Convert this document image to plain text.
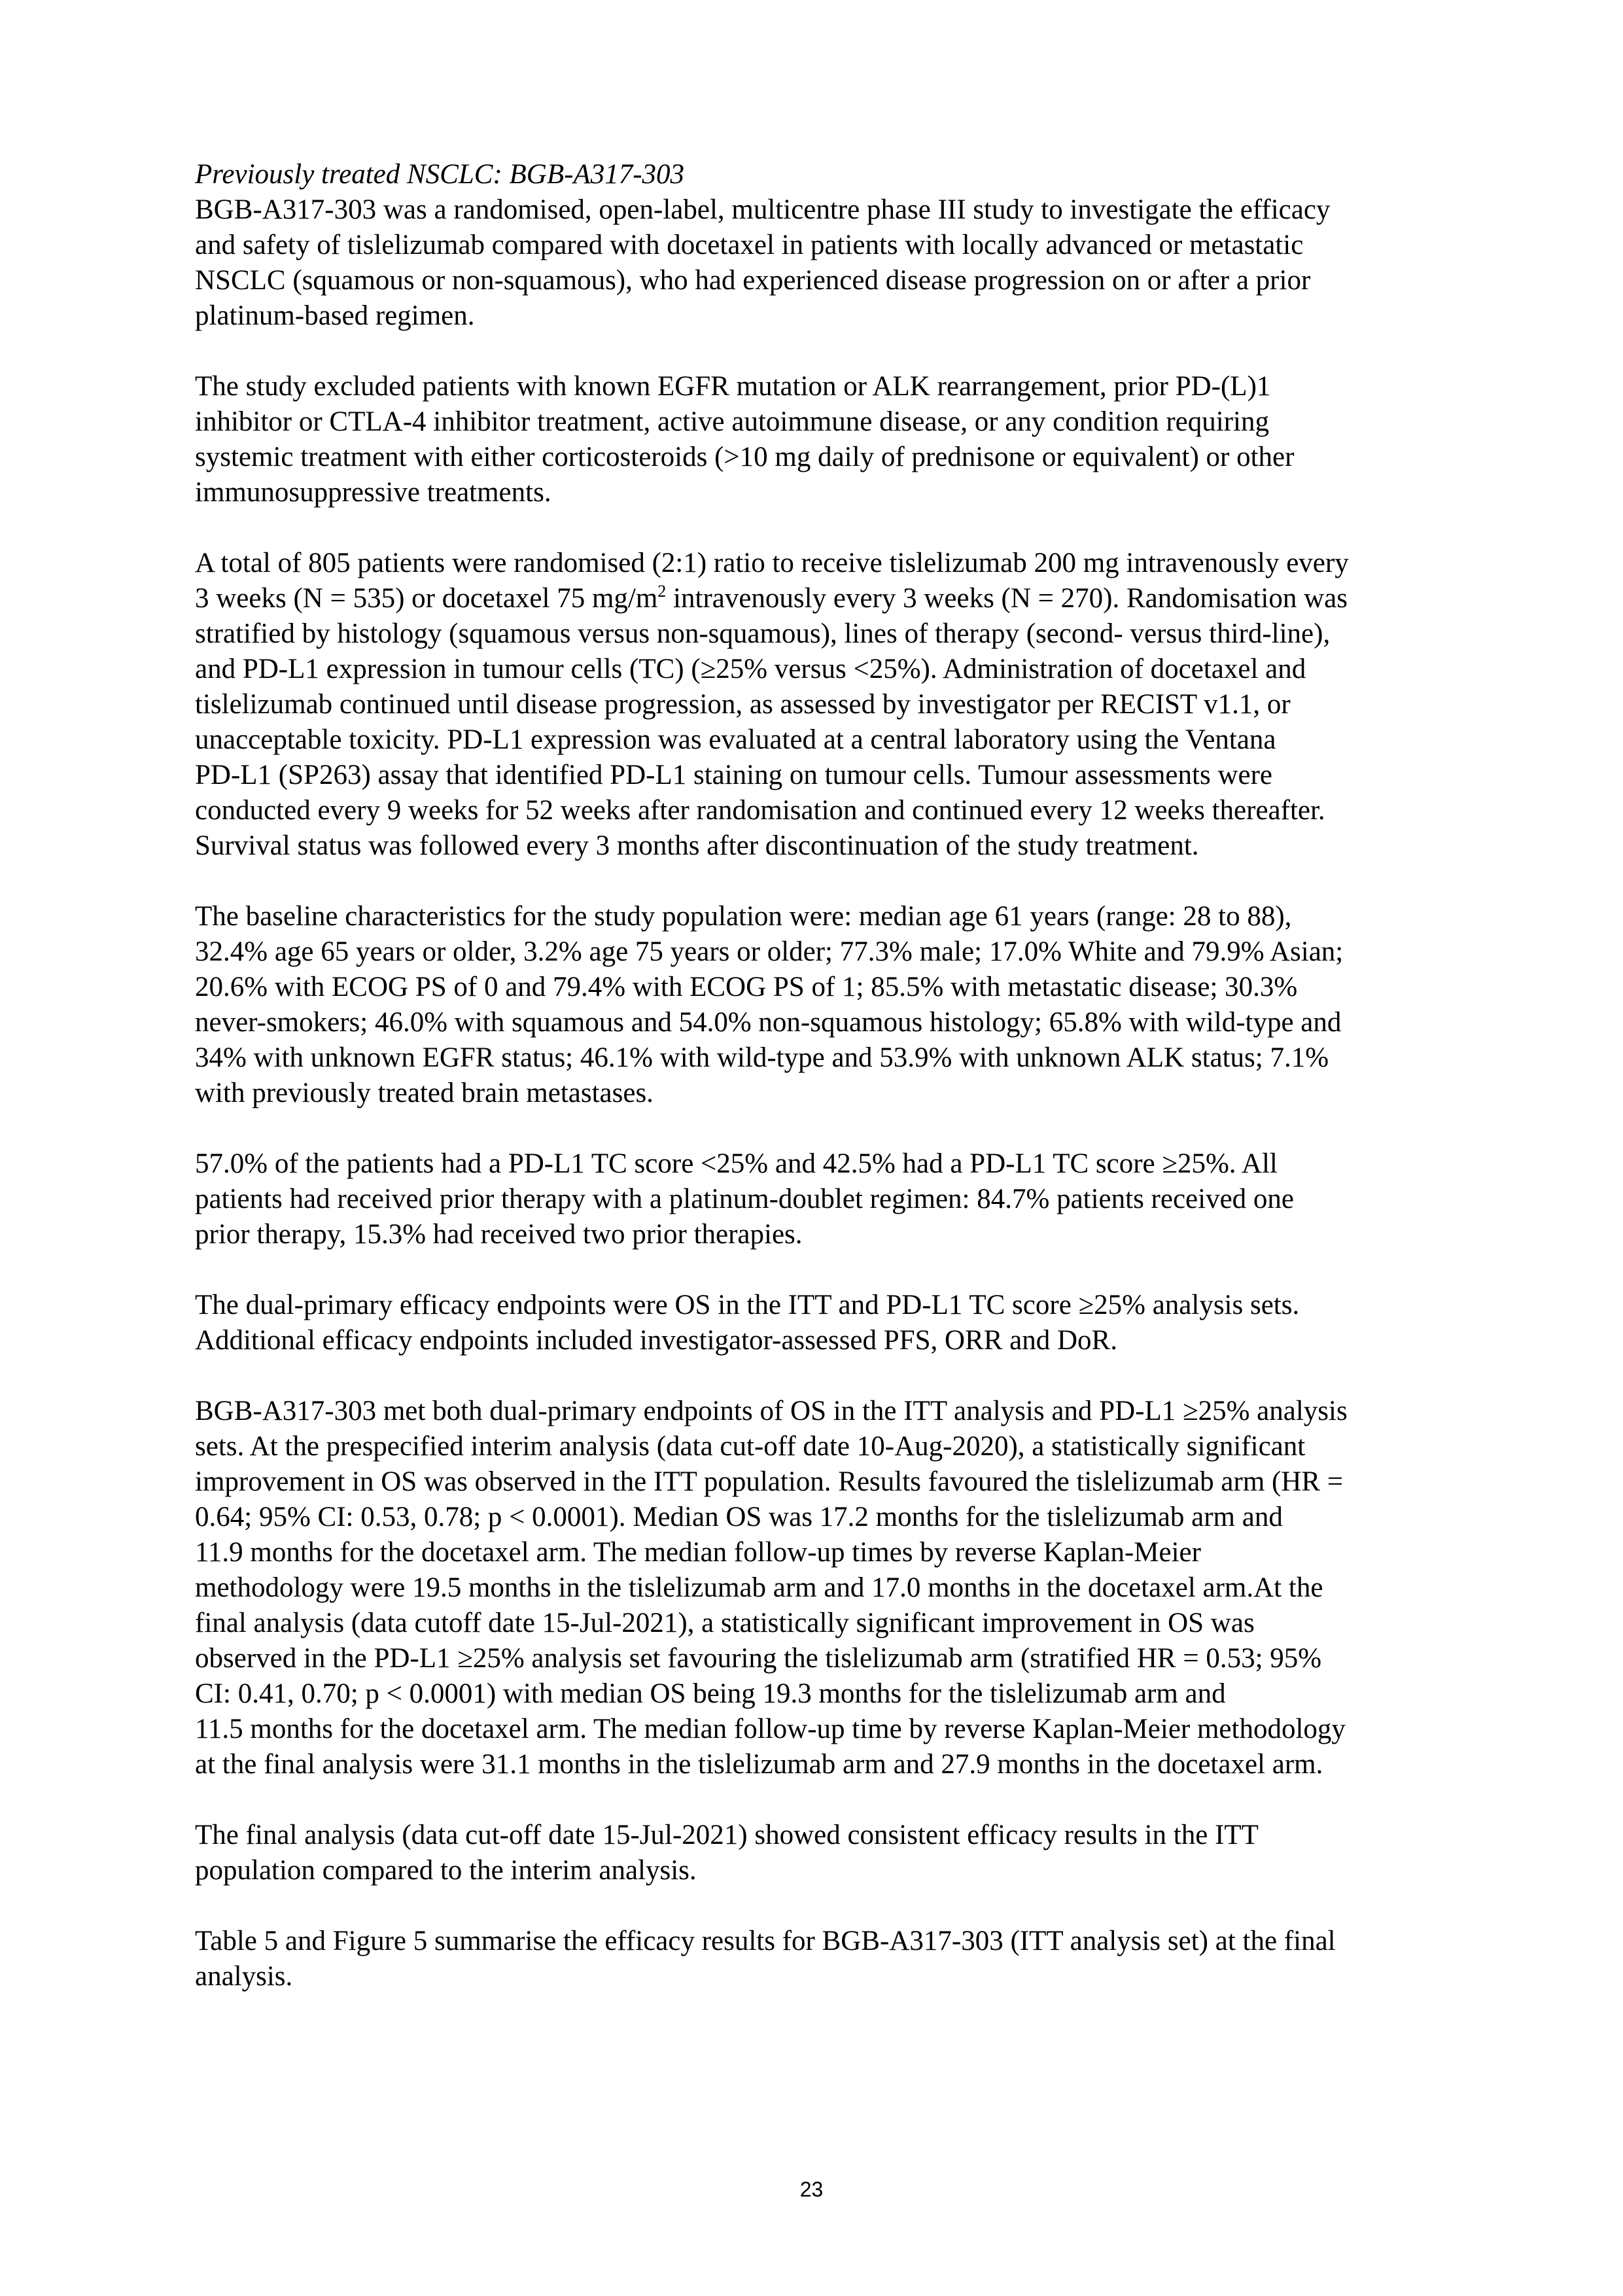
Previously treated NSCLC: BGB-A317-303

BGB-A317-303 was a randomised, open-label, multicentre phase III study to investigate the efficacy
and safety of tislelizumab compared with docetaxel in patients with locally advanced or metastatic
NSCLC (squamous or non-squamous), who had experienced disease progression on or after a prior
platinum-based regimen.

The study excluded patients with known EGFR mutation or ALK rearrangement, prior PD-(L)1
inhibitor or CTLA-4 inhibitor treatment, active autoimmune disease, or any condition requiring
systemic treatment with either corticosteroids (>10 mg daily of prednisone or equivalent) or other
immunosuppressive treatments.

A total of 805 patients were randomised (2:1) ratio to receive tislelizumab 200 mg intravenously every
3 weeks (N = 535) or docetaxel 75 $mg/m^2$ intravenously every 3 weeks (N = 270). Randomisation was
stratified by histology (squamous versus non-squamous), lines of therapy (second- versus third-line),
and PD-L1 expression in tumour cells (TC) (≥25% versus <25%). Administration of docetaxel and
tislelizumab continued until disease progression, as assessed by investigator per RECIST v1.1, or
unacceptable toxicity. PD-L1 expression was evaluated at a central laboratory using the Ventana
PD-L1 (SP263) assay that identified PD-L1 staining on tumour cells. Tumour assessments were
conducted every 9 weeks for 52 weeks after randomisation and continued every 12 weeks thereafter.
Survival status was followed every 3 months after discontinuation of the study treatment.

The baseline characteristics for the study population were: median age 61 years (range: 28 to 88),
32.4% age 65 years or older, 3.2% age 75 years or older; 77.3% male; 17.0% White and 79.9% Asian;
20.6% with ECOG PS of 0 and 79.4% with ECOG PS of 1; 85.5% with metastatic disease; 30.3%
never-smokers; 46.0% with squamous and 54.0% non-squamous histology; 65.8% with wild-type and
34% with unknown EGFR status; 46.1% with wild-type and 53.9% with unknown ALK status; 7.1%
with previously treated brain metastases.

57.0% of the patients had a PD-L1 TC score <25% and 42.5% had a PD-L1 TC score ≥25%. All
patients had received prior therapy with a platinum-doublet regimen: 84.7% patients received one
prior therapy, 15.3% had received two prior therapies.

The dual-primary efficacy endpoints were OS in the ITT and PD-L1 TC score ≥25% analysis sets.
Additional efficacy endpoints included investigator-assessed PFS, ORR and DoR.

BGB-A317-303 met both dual-primary endpoints of OS in the ITT analysis and PD-L1 ≥25% analysis
sets. At the prespecified interim analysis (data cut-off date 10-Aug-2020), a statistically significant
improvement in OS was observed in the ITT population. Results favoured the tislelizumab arm (HR =
0.64; 95% CI: 0.53, 0.78; p < 0.0001). Median OS was 17.2 months for the tislelizumab arm and
11.9 months for the docetaxel arm. The median follow-up times by reverse Kaplan-Meier
methodology were 19.5 months in the tislelizumab arm and 17.0 months in the docetaxel arm.At the
final analysis (data cutoff date 15-Jul-2021), a statistically significant improvement in OS was
observed in the PD-L1 ≥25% analysis set favouring the tislelizumab arm (stratified HR = 0.53; 95%
CI: 0.41, 0.70; p < 0.0001) with median OS being 19.3 months for the tislelizumab arm and
11.5 months for the docetaxel arm. The median follow-up time by reverse Kaplan-Meier methodology
at the final analysis were 31.1 months in the tislelizumab arm and 27.9 months in the docetaxel arm.

The final analysis (data cut-off date 15-Jul-2021) showed consistent efficacy results in the ITT
population compared to the interim analysis.

Table 5 and Figure 5 summarise the efficacy results for BGB-A317-303 (ITT analysis set) at the final
analysis.

23
